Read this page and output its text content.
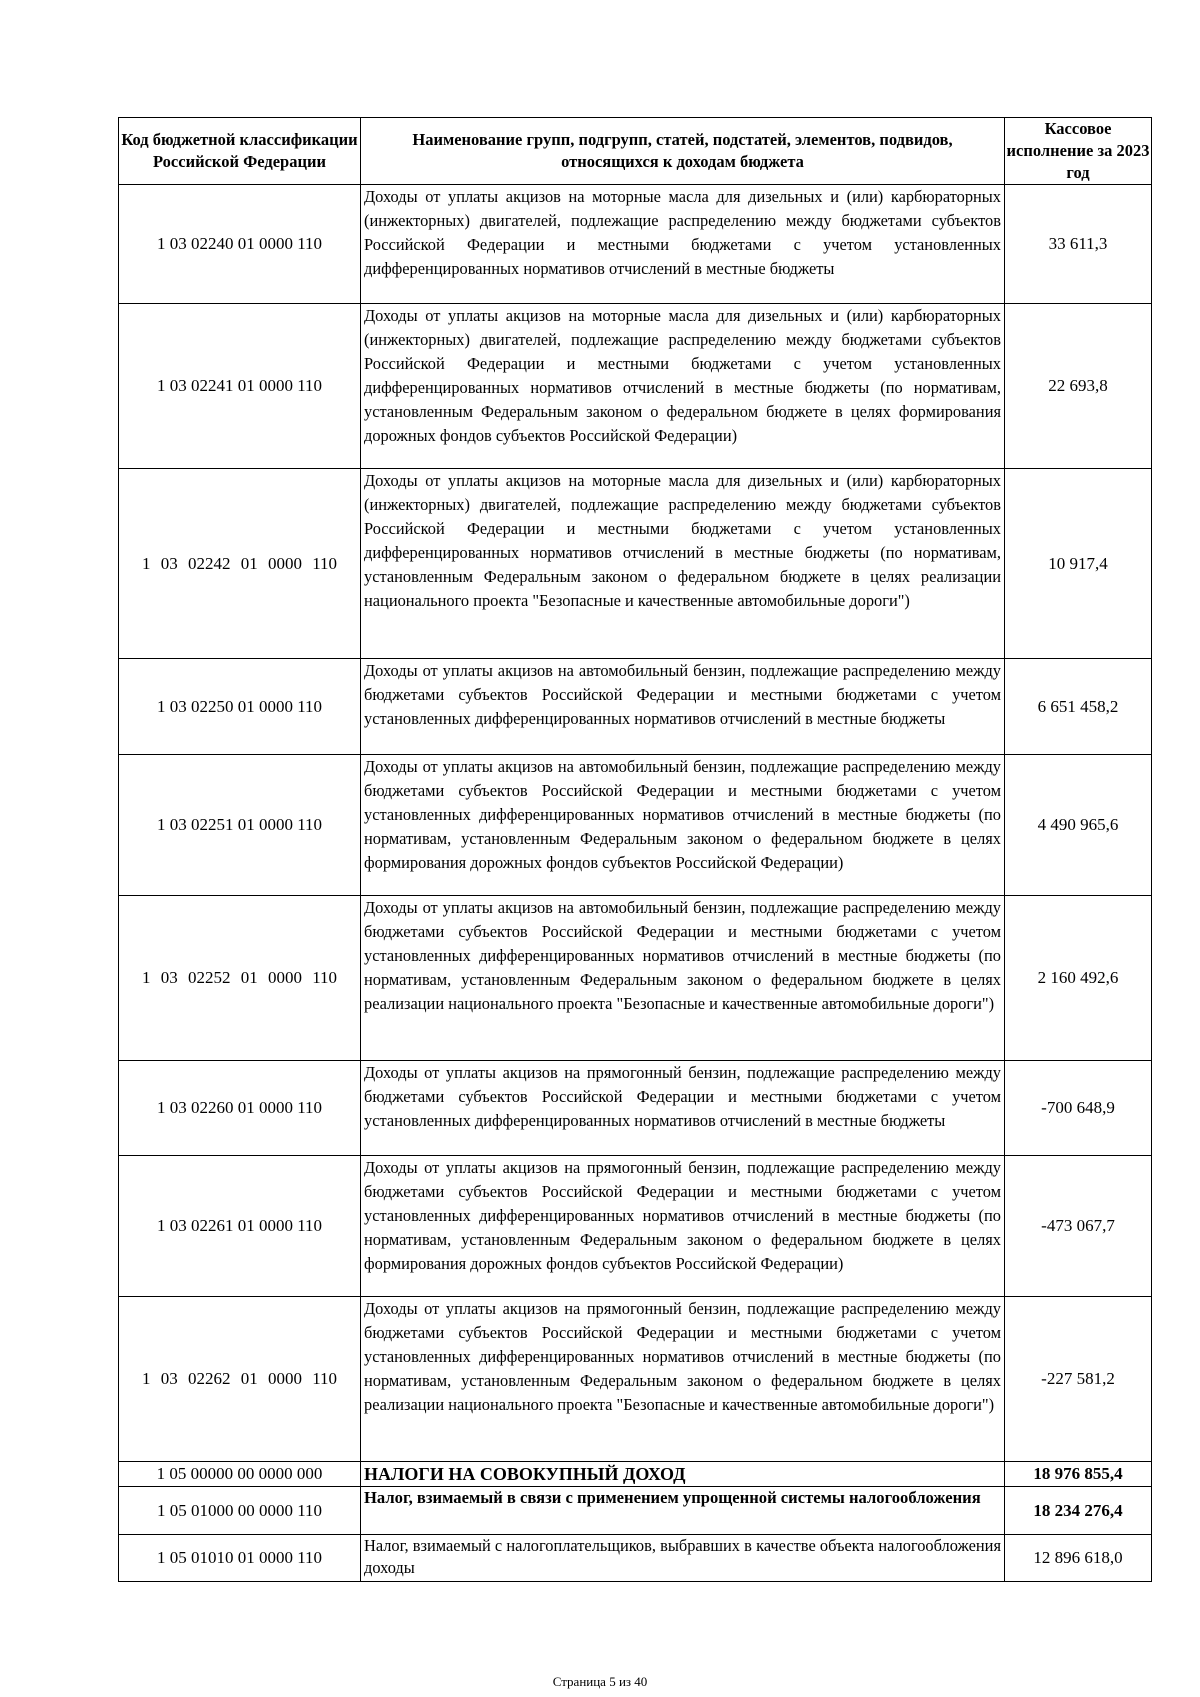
Код бюджетной классификации Российской Федерации	Наименование групп, подгрупп, статей, подстатей, элементов, подвидов, относящихся к доходам бюджета	Кассовое исполнение за 2023 год
1 03 02240 01 0000 110	Доходы от уплаты акцизов на моторные масла для дизельных и (или) карбюраторных (инжекторных) двигателей, подлежащие распределению между бюджетами субъектов Российской Федерации и местными бюджетами с учетом установленных дифференцированных нормативов отчислений в местные бюджеты	33 611,3
1 03 02241 01 0000 110	Доходы от уплаты акцизов на моторные масла для дизельных и (или) карбюраторных (инжекторных) двигателей, подлежащие распределению между бюджетами субъектов Российской Федерации и местными бюджетами с учетом установленных дифференцированных нормативов отчислений в местные бюджеты (по нормативам, установленным Федеральным законом о федеральном бюджете в целях формирования дорожных фондов субъектов Российской Федерации)	22 693,8
1 03 02242 01 0000 110	Доходы от уплаты акцизов на моторные масла для дизельных и (или) карбюраторных (инжекторных) двигателей, подлежащие распределению между бюджетами субъектов Российской Федерации и местными бюджетами с учетом установленных дифференцированных нормативов отчислений в местные бюджеты (по нормативам, установленным Федеральным законом о федеральном бюджете в целях реализации национального проекта "Безопасные и качественные автомобильные дороги")	10 917,4
1 03 02250 01 0000 110	Доходы от уплаты акцизов на автомобильный бензин, подлежащие распределению между бюджетами субъектов Российской Федерации и местными бюджетами с учетом установленных дифференцированных нормативов отчислений в местные бюджеты	6 651 458,2
1 03 02251 01 0000 110	Доходы от уплаты акцизов на автомобильный бензин, подлежащие распределению между бюджетами субъектов Российской Федерации и местными бюджетами с учетом установленных дифференцированных нормативов отчислений в местные бюджеты (по нормативам, установленным Федеральным законом о федеральном бюджете в целях формирования дорожных фондов субъектов Российской Федерации)	4 490 965,6
1 03 02252 01 0000 110	Доходы от уплаты акцизов на автомобильный бензин, подлежащие распределению между бюджетами субъектов Российской Федерации и местными бюджетами с учетом установленных дифференцированных нормативов отчислений в местные бюджеты (по нормативам, установленным Федеральным законом о федеральном бюджете в целях реализации национального проекта "Безопасные и качественные автомобильные дороги")	2 160 492,6
1 03 02260 01 0000 110	Доходы от уплаты акцизов на прямогонный бензин, подлежащие распределению между бюджетами субъектов Российской Федерации и местными бюджетами с учетом установленных дифференцированных нормативов отчислений в местные бюджеты	-700 648,9
1 03 02261 01 0000 110	Доходы от уплаты акцизов на прямогонный бензин, подлежащие распределению между бюджетами субъектов Российской Федерации и местными бюджетами с учетом установленных дифференцированных нормативов отчислений в местные бюджеты (по нормативам, установленным Федеральным законом о федеральном бюджете в целях формирования дорожных фондов субъектов Российской Федерации)	-473 067,7
1 03 02262 01 0000 110	Доходы от уплаты акцизов на прямогонный бензин, подлежащие распределению между бюджетами субъектов Российской Федерации и местными бюджетами с учетом установленных дифференцированных нормативов отчислений в местные бюджеты (по нормативам, установленным Федеральным законом о федеральном бюджете в целях реализации национального проекта "Безопасные и качественные автомобильные дороги")	-227 581,2
1 05 00000 00 0000 000	НАЛОГИ НА СОВОКУПНЫЙ ДОХОД	18 976 855,4
1 05 01000 00 0000 110	Налог, взимаемый в связи с применением упрощенной системы налогообложения	18 234 276,4
1 05 01010 01 0000 110	Налог, взимаемый с налогоплательщиков, выбравших в качестве объекта налогообложения доходы	12 896 618,0
Страница 5 из 40
